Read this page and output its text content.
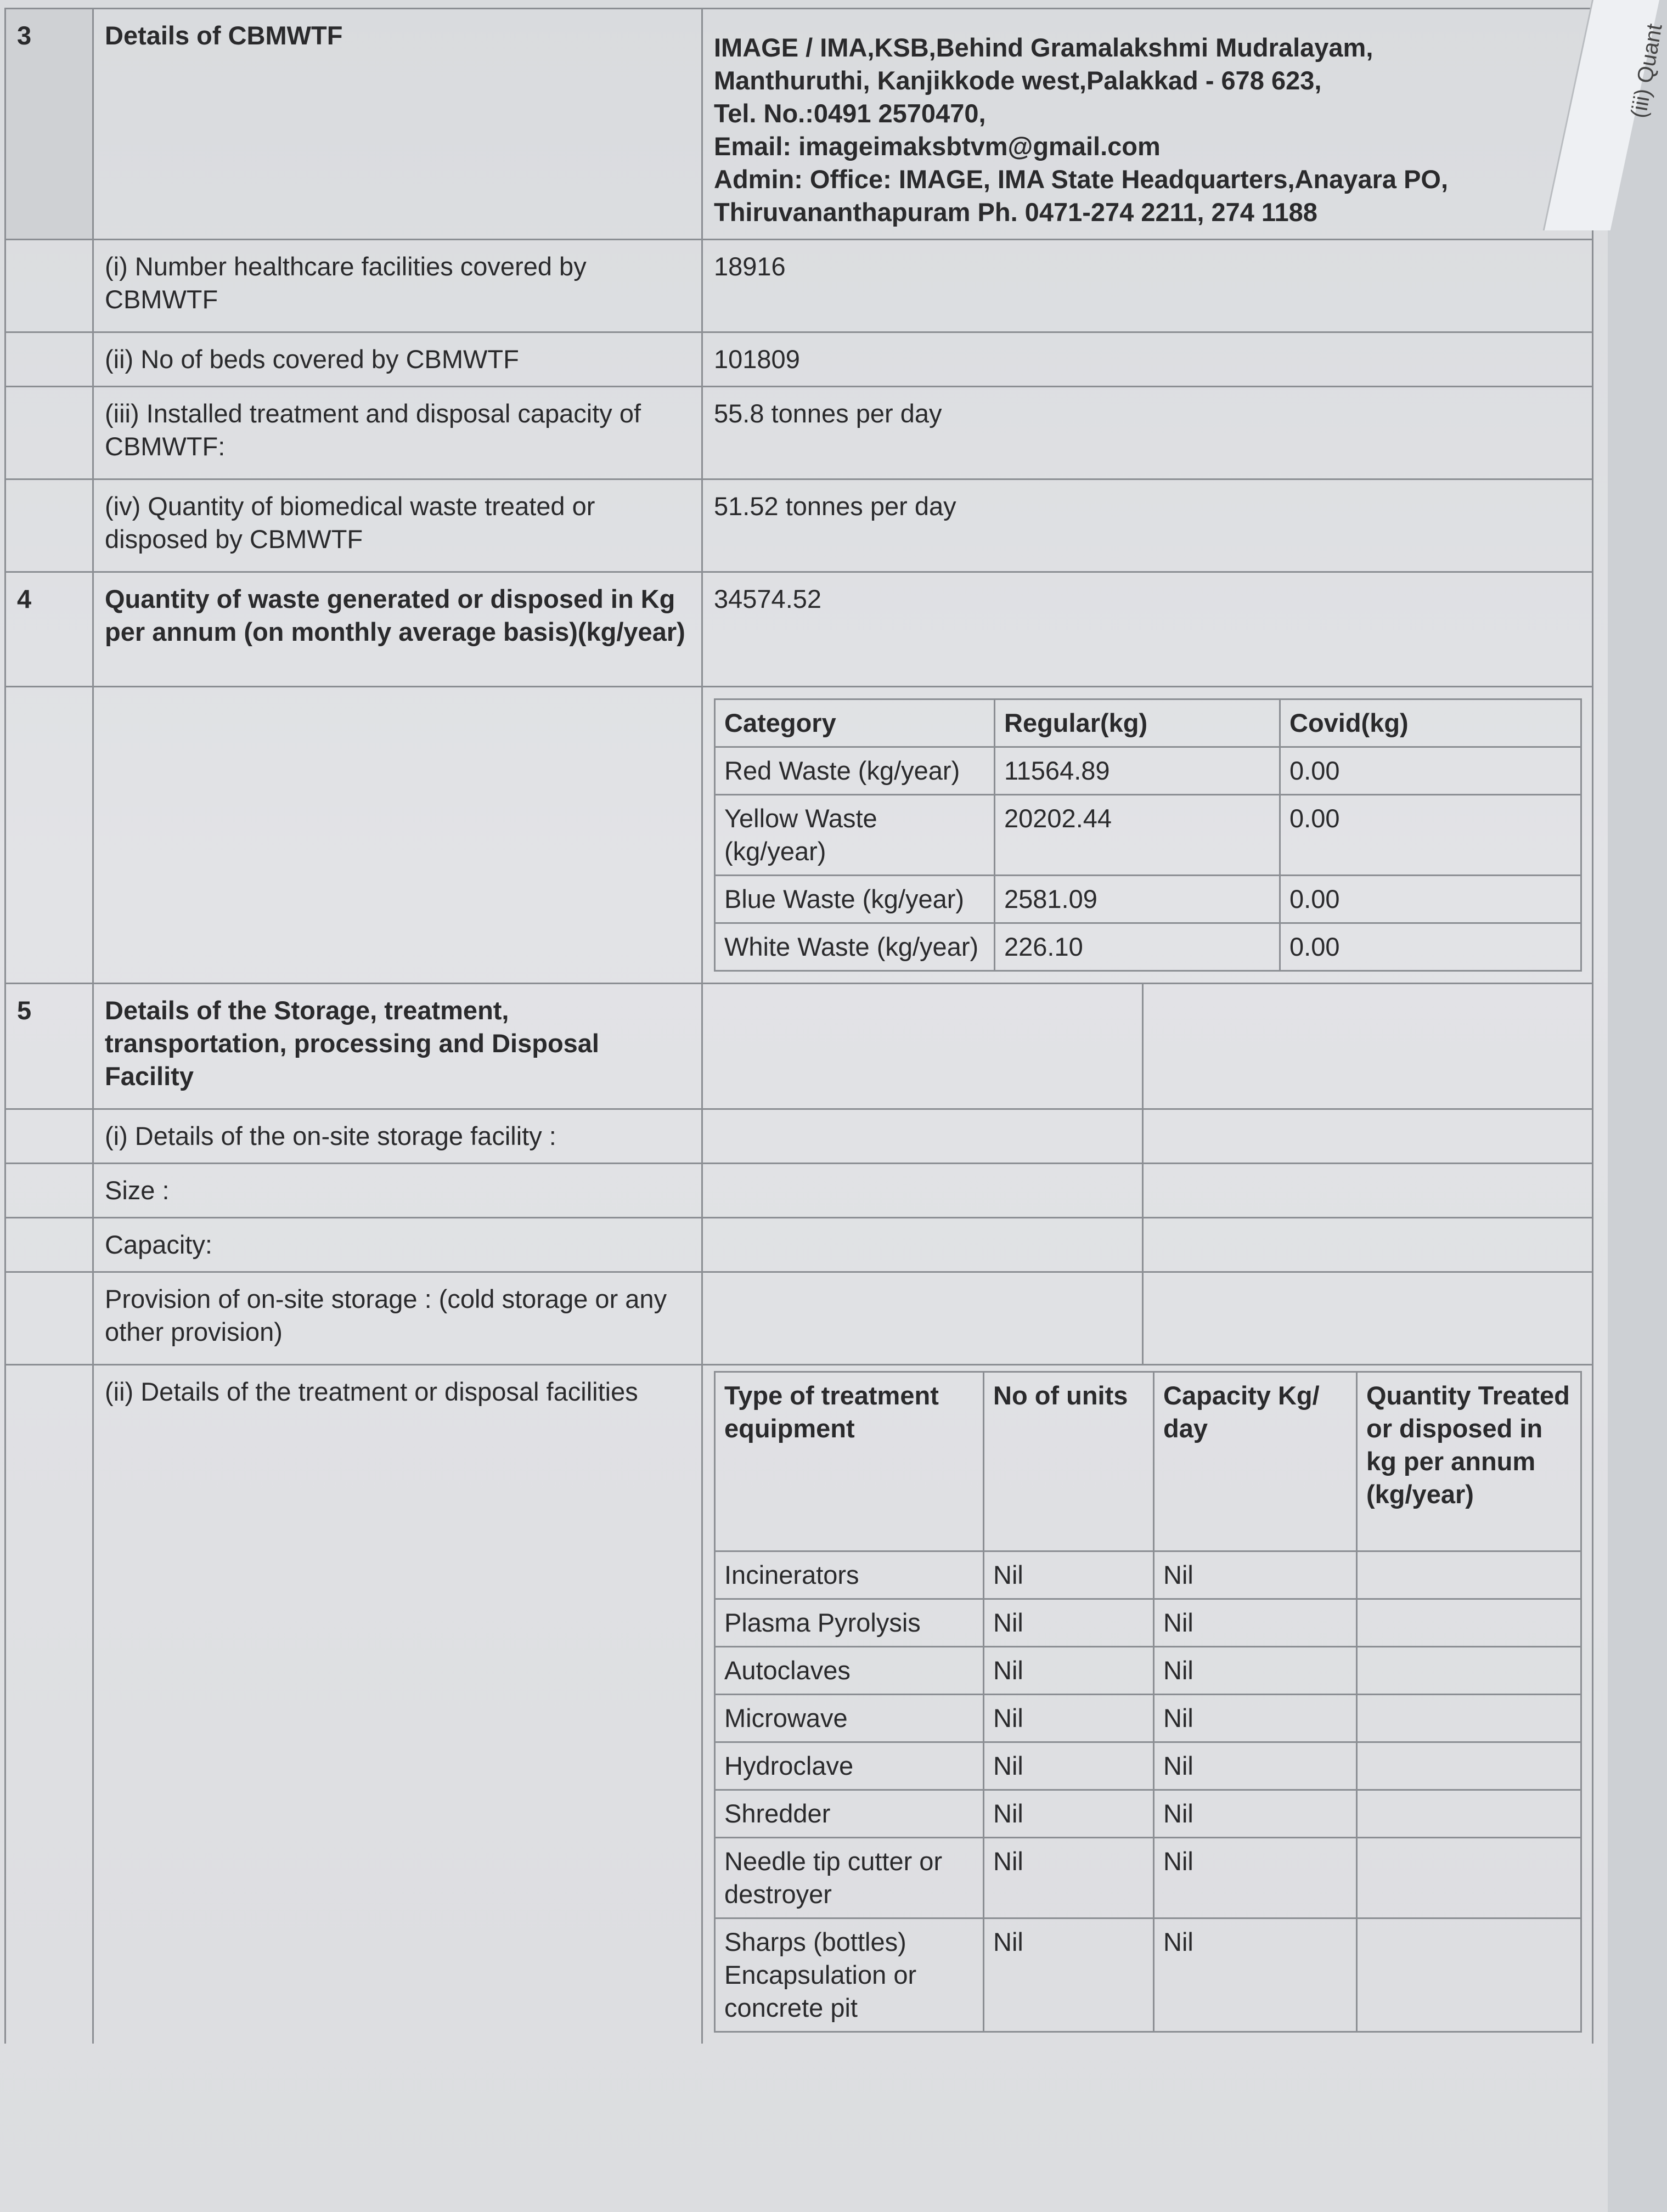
3	Details of CBMWTF	IMAGE / IMA,KSB,Behind Gramalakshmi Mudralayam,
Manthuruthi, Kanjikkode west,Palakkad - 678 623,
Tel. No.:0491 2570470,
Email: imageimaksbtvm@gmail.com
Admin: Office: IMAGE, IMA State Headquarters,Anayara PO,
Thiruvananthapuram Ph. 0471-274 2211, 274 1188

	(i) Number healthcare facilities covered by CBMWTF	18916
	(ii) No of beds covered by CBMWTF	101809
	(iii) Installed treatment and disposal capacity of CBMWTF:	55.8 tonnes per day
	(iv) Quantity of biomedical waste treated or disposed by CBMWTF	51.52 tonnes per day
4	Quantity of waste generated or disposed in Kg per annum (on monthly average basis)(kg/year)	34574.52

Category	Regular(kg)	Covid(kg)
Red Waste (kg/year)	11564.89	0.00
Yellow Waste (kg/year)	20202.44	0.00
Blue Waste (kg/year)	2581.09	0.00
White Waste (kg/year)	226.10	0.00

5	Details of the Storage, treatment, transportation, processing and Disposal Facility	

	(i) Details of the on-site storage facility :	

	Size :	

	Capacity:	

	Provision of on-site storage : (cold storage or any other provision)	

	(ii) Details of the treatment or disposal facilities		Type of treatment equipment	No of units	Capacity Kg/ day	Quantity Treated or disposed in kg per annum (kg/year)
Incinerators	Nil	Nil	
Plasma Pyrolysis	Nil	Nil	
Autoclaves	Nil	Nil	
Microwave	Nil	Nil	
Hydroclave	Nil	Nil	
Shredder	Nil	Nil	
Needle tip cutter or destroyer	Nil	Nil	
Sharps (bottles) Encapsulation or concrete pit	Nil	Nil	
(iii) Quant
